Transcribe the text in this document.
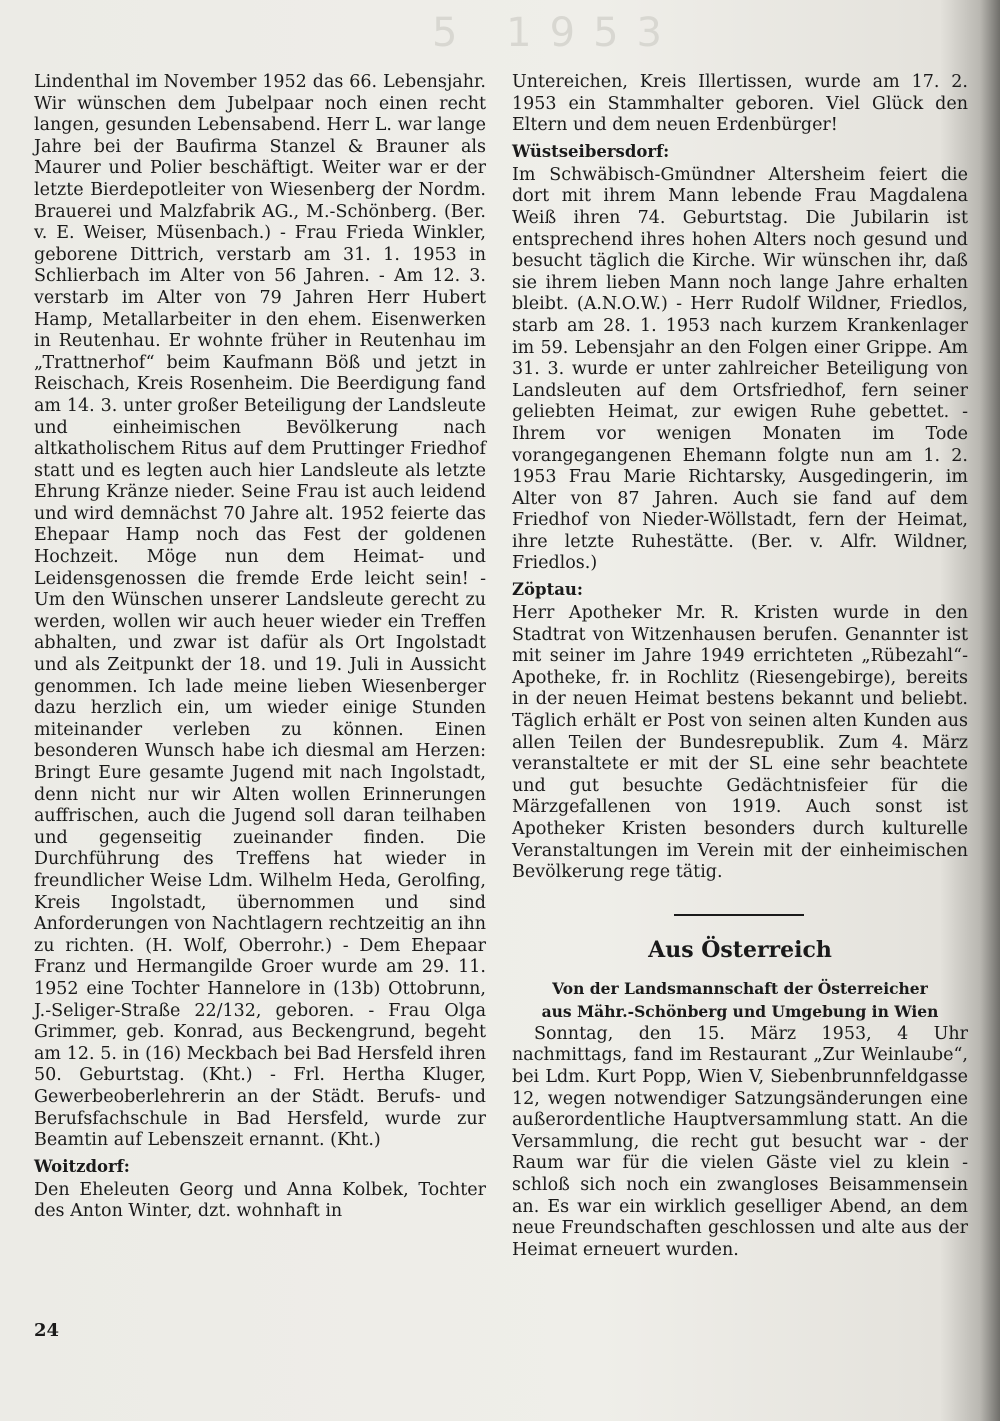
5 1953

Lindenthal im November 1952 das 66. Lebensjahr. Wir wünschen dem Jubelpaar noch einen recht langen, gesunden Lebensabend. Herr L. war lange Jahre bei der Baufirma Stanzel & Brauner als Maurer und Polier beschäftigt. Weiter war er der letzte Bierdepotleiter von Wiesenberg der Nordm. Brauerei und Malzfabrik AG., M.-Schönberg. (Ber. v. E. Weiser, Müsenbach.) - Frau Frieda Winkler, geborene Dittrich, verstarb am 31. 1. 1953 in Schlierbach im Alter von 56 Jahren. - Am 12. 3. verstarb im Alter von 79 Jahren Herr Hubert Hamp, Metallarbeiter in den ehem. Eisenwerken in Reutenhau. Er wohnte früher in Reutenhau im „Trattnerhof“ beim Kaufmann Böß und jetzt in Reischach, Kreis Rosenheim. Die Beerdigung fand am 14. 3. unter großer Beteiligung der Landsleute und einheimischen Bevölkerung nach altkatholischem Ritus auf dem Pruttinger Friedhof statt und es legten auch hier Landsleute als letzte Ehrung Kränze nieder. Seine Frau ist auch leidend und wird demnächst 70 Jahre alt. 1952 feierte das Ehepaar Hamp noch das Fest der goldenen Hochzeit. Möge nun dem Heimat- und Leidensgenossen die fremde Erde leicht sein! - Um den Wünschen unserer Landsleute gerecht zu werden, wollen wir auch heuer wieder ein Treffen abhalten, und zwar ist dafür als Ort Ingolstadt und als Zeitpunkt der 18. und 19. Juli in Aussicht genommen. Ich lade meine lieben Wiesenberger dazu herzlich ein, um wieder einige Stunden miteinander verleben zu können. Einen besonderen Wunsch habe ich diesmal am Herzen: Bringt Eure gesamte Jugend mit nach Ingolstadt, denn nicht nur wir Alten wollen Erinnerungen auffrischen, auch die Jugend soll daran teilhaben und gegenseitig zueinander finden. Die Durchführung des Treffens hat wieder in freundlicher Weise Ldm. Wilhelm Heda, Gerolfing, Kreis Ingolstadt, übernommen und sind Anforderungen von Nachtlagern rechtzeitig an ihn zu richten. (H. Wolf, Oberrohr.) - Dem Ehepaar Franz und Hermangilde Groer wurde am 29. 11. 1952 eine Tochter Hannelore in (13b) Ottobrunn, J.-Seliger-Straße 22/132, geboren. - Frau Olga Grimmer, geb. Konrad, aus Beckengrund, begeht am 12. 5. in (16) Meckbach bei Bad Hersfeld ihren 50. Geburtstag. (Kht.) - Frl. Hertha Kluger, Gewerbeoberlehrerin an der Städt. Berufs- und Berufsfachschule in Bad Hersfeld, wurde zur Beamtin auf Lebenszeit ernannt. (Kht.)

Woitzdorf:

Den Eheleuten Georg und Anna Kolbek, Tochter des Anton Winter, dzt. wohnhaft in

Untereichen, Kreis Illertissen, wurde am 17. 2. 1953 ein Stammhalter geboren. Viel Glück den Eltern und dem neuen Erdenbürger!

Wüstseibersdorf:

Im Schwäbisch-Gmündner Altersheim feiert die dort mit ihrem Mann lebende Frau Magdalena Weiß ihren 74. Geburtstag. Die Jubilarin ist entsprechend ihres hohen Alters noch gesund und besucht täglich die Kirche. Wir wünschen ihr, daß sie ihrem lieben Mann noch lange Jahre erhalten bleibt. (A.N.O.W.) - Herr Rudolf Wildner, Friedlos, starb am 28. 1. 1953 nach kurzem Krankenlager im 59. Lebensjahr an den Folgen einer Grippe. Am 31. 3. wurde er unter zahlreicher Beteiligung von Landsleuten auf dem Ortsfriedhof, fern seiner geliebten Heimat, zur ewigen Ruhe gebettet. - Ihrem vor wenigen Monaten im Tode vorangegangenen Ehemann folgte nun am 1. 2. 1953 Frau Marie Richtarsky, Ausgedingerin, im Alter von 87 Jahren. Auch sie fand auf dem Friedhof von Nieder-Wöllstadt, fern der Heimat, ihre letzte Ruhestätte. (Ber. v. Alfr. Wildner, Friedlos.)

Zöptau:

Herr Apotheker Mr. R. Kristen wurde in den Stadtrat von Witzenhausen berufen. Genannter ist mit seiner im Jahre 1949 errichteten „Rübezahl“-Apotheke, fr. in Rochlitz (Riesengebirge), bereits in der neuen Heimat bestens bekannt und beliebt. Täglich erhält er Post von seinen alten Kunden aus allen Teilen der Bundesrepublik. Zum 4. März veranstaltete er mit der SL eine sehr beachtete und gut besuchte Gedächtnisfeier für die Märzgefallenen von 1919. Auch sonst ist Apotheker Kristen besonders durch kulturelle Veranstaltungen im Verein mit der einheimischen Bevölkerung rege tätig.

Aus Österreich
Von der Landsmannschaft der Österreicher
aus Mähr.-Schönberg und Umgebung in Wien

Sonntag, den 15. März 1953, 4 Uhr nachmittags, fand im Restaurant „Zur Weinlaube“, bei Ldm. Kurt Popp, Wien V, Siebenbrunnfeldgasse 12, wegen notwendiger Satzungsänderungen eine außerordentliche Hauptversammlung statt. An die Versammlung, die recht gut besucht war - der Raum war für die vielen Gäste viel zu klein - schloß sich noch ein zwangloses Beisammensein an. Es war ein wirklich geselliger Abend, an dem neue Freundschaften geschlossen und alte aus der Heimat erneuert wurden.

24
